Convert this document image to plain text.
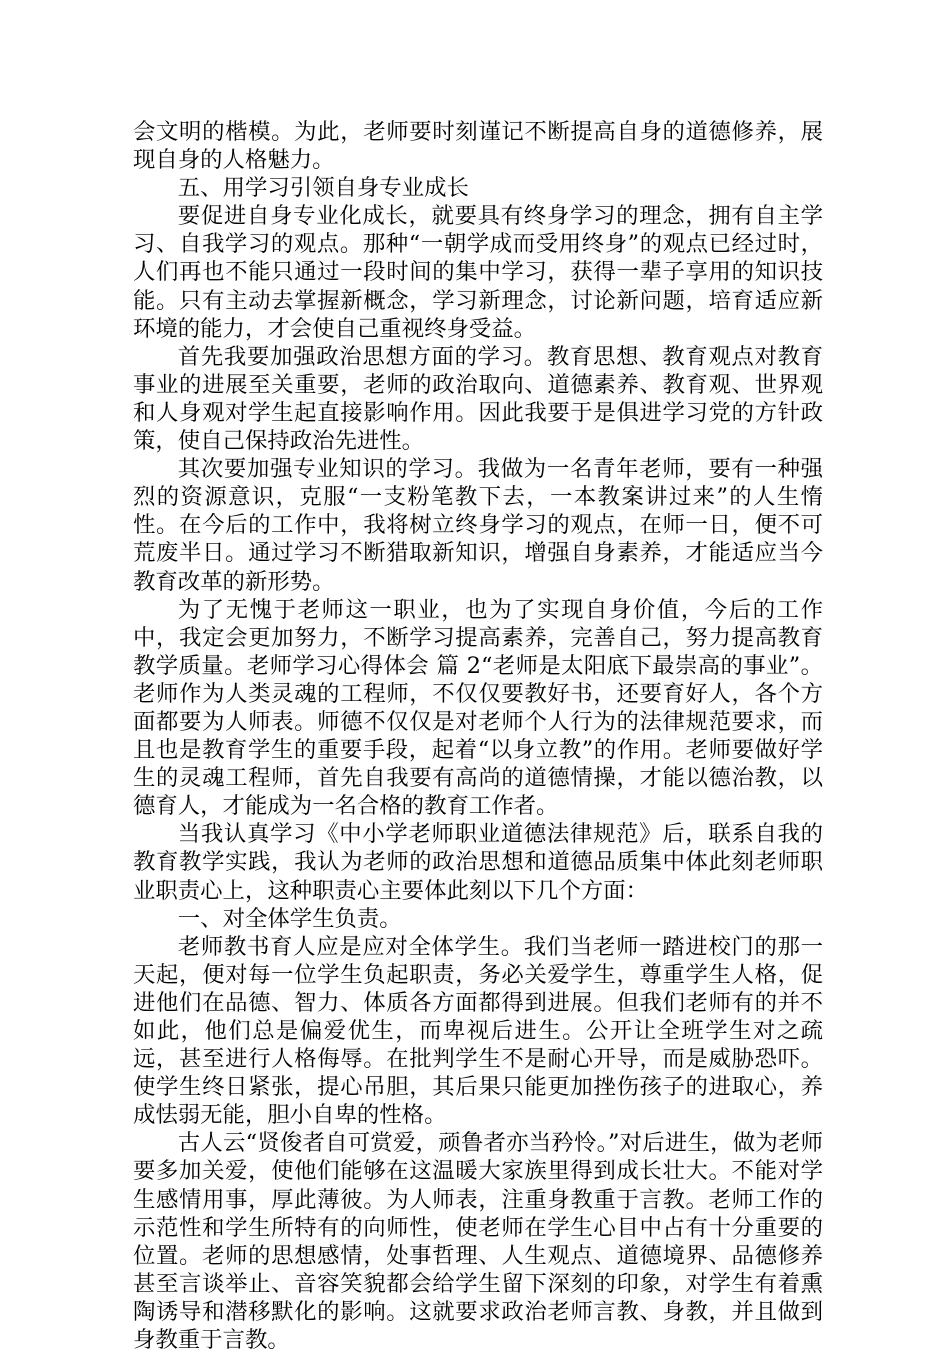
会文明的楷模。为此，老师要时刻谨记不断提高自身的道德修养，展现自身的人格魅力。

五、用学习引领自身专业成长

要促进自身专业化成长，就要具有终身学习的理念，拥有自主学习、自我学习的观点。那种“一朝学成而受用终身”的观点已经过时，人们再也不能只通过一段时间的集中学习，获得一辈子享用的知识技能。只有主动去掌握新概念，学习新理念，讨论新问题，培育适应新环境的能力，才会使自己重视终身受益。

首先我要加强政治思想方面的学习。教育思想、教育观点对教育事业的进展至关重要，老师的政治取向、道德素养、教育观、世界观和人身观对学生起直接影响作用。因此我要于是俱进学习党的方针政策，使自己保持政治先进性。

其次要加强专业知识的学习。我做为一名青年老师，要有一种强烈的资源意识，克服“一支粉笔教下去，一本教案讲过来”的人生惰性。在今后的工作中，我将树立终身学习的观点，在师一日，便不可荒废半日。通过学习不断猎取新知识，增强自身素养，才能适应当今教育改革的新形势。

为了无愧于老师这一职业，也为了实现自身价值，今后的工作中，我定会更加努力，不断学习提高素养，完善自己，努力提高教育教学质量。老师学习心得体会 篇 2“老师是太阳底下最崇高的事业”。老师作为人类灵魂的工程师，不仅仅要教好书，还要育好人，各个方面都要为人师表。师德不仅仅是对老师个人行为的法律规范要求，而且也是教育学生的重要手段，起着“以身立教”的作用。老师要做好学生的灵魂工程师，首先自我要有高尚的道德情操，才能以德治教，以德育人，才能成为一名合格的教育工作者。

当我认真学习《中小学老师职业道德法律规范》后，联系自我的教育教学实践，我认为老师的政治思想和道德品质集中体此刻老师职业职责心上，这种职责心主要体此刻以下几个方面：

一、对全体学生负责。

老师教书育人应是应对全体学生。我们当老师一踏进校门的那一天起，便对每一位学生负起职责，务必关爱学生，尊重学生人格，促进他们在品德、智力、体质各方面都得到进展。但我们老师有的并不如此，他们总是偏爱优生，而卑视后进生。公开让全班学生对之疏远，甚至进行人格侮辱。在批判学生不是耐心开导，而是威胁恐吓。使学生终日紧张，提心吊胆，其后果只能更加挫伤孩子的进取心，养成怯弱无能，胆小自卑的性格。

古人云“贤俊者自可赏爱，顽鲁者亦当矜怜。”对后进生，做为老师要多加关爱，使他们能够在这温暖大家族里得到成长壮大。不能对学生感情用事，厚此薄彼。为人师表，注重身教重于言教。老师工作的示范性和学生所特有的向师性，使老师在学生心目中占有十分重要的位置。老师的思想感情，处事哲理、人生观点、道德境界、品德修养甚至言谈举止、音容笑貌都会给学生留下深刻的印象，对学生有着熏陶诱导和潜移默化的影响。这就要求政治老师言教、身教，并且做到身教重于言教。
